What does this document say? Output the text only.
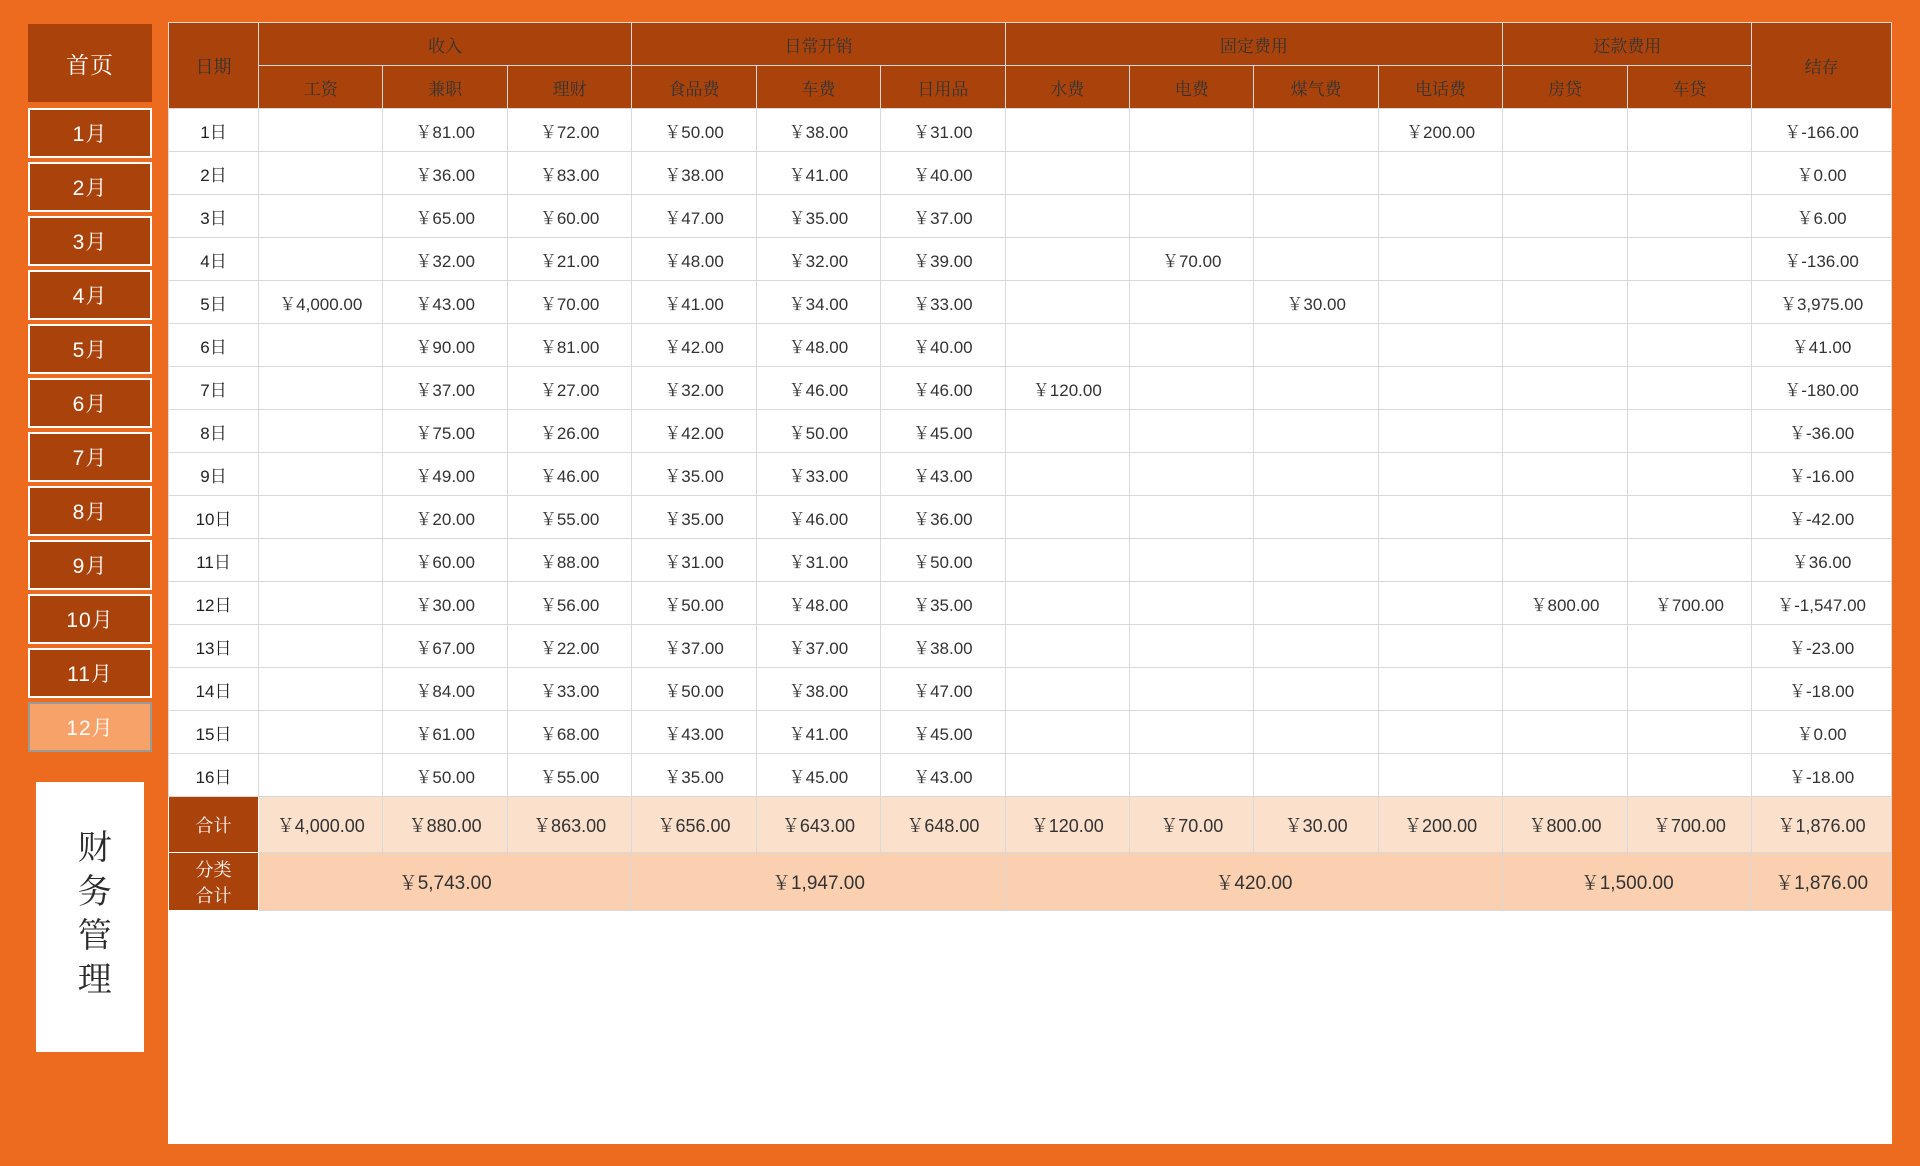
首页
1月
2月
3月
4月
5月
6月
7月
8月
9月
10月
11月
12月
财务管理
日期	收入			日常开销			固定费用				还款费用		结存
	工资	兼职	理财	食品费	车费	日用品	水费	电费	煤气费	电话费	房贷	车贷	
1日		￥81.00	￥72.00	￥50.00	￥38.00	￥31.00				￥200.00			￥-166.00
2日		￥36.00	￥83.00	￥38.00	￥41.00	￥40.00							￥0.00
3日		￥65.00	￥60.00	￥47.00	￥35.00	￥37.00							￥6.00
4日		￥32.00	￥21.00	￥48.00	￥32.00	￥39.00		￥70.00					￥-136.00
5日	￥4,000.00	￥43.00	￥70.00	￥41.00	￥34.00	￥33.00			￥30.00				￥3,975.00
6日		￥90.00	￥81.00	￥42.00	￥48.00	￥40.00							￥41.00
7日		￥37.00	￥27.00	￥32.00	￥46.00	￥46.00	￥120.00						￥-180.00
8日		￥75.00	￥26.00	￥42.00	￥50.00	￥45.00							￥-36.00
9日		￥49.00	￥46.00	￥35.00	￥33.00	￥43.00							￥-16.00
10日		￥20.00	￥55.00	￥35.00	￥46.00	￥36.00							￥-42.00
11日		￥60.00	￥88.00	￥31.00	￥31.00	￥50.00							￥36.00
12日		￥30.00	￥56.00	￥50.00	￥48.00	￥35.00					￥800.00	￥700.00	￥-1,547.00
13日		￥67.00	￥22.00	￥37.00	￥37.00	￥38.00							￥-23.00
14日		￥84.00	￥33.00	￥50.00	￥38.00	￥47.00							￥-18.00
15日		￥61.00	￥68.00	￥43.00	￥41.00	￥45.00							￥0.00
16日		￥50.00	￥55.00	￥35.00	￥45.00	￥43.00							￥-18.00
合计	￥4,000.00	￥880.00	￥863.00	￥656.00	￥643.00	￥648.00	￥120.00	￥70.00	￥30.00	￥200.00	￥800.00	￥700.00	￥1,876.00

分类
合计	￥5,743.00			￥1,947.00			￥420.00				￥1,500.00		￥1,876.00
